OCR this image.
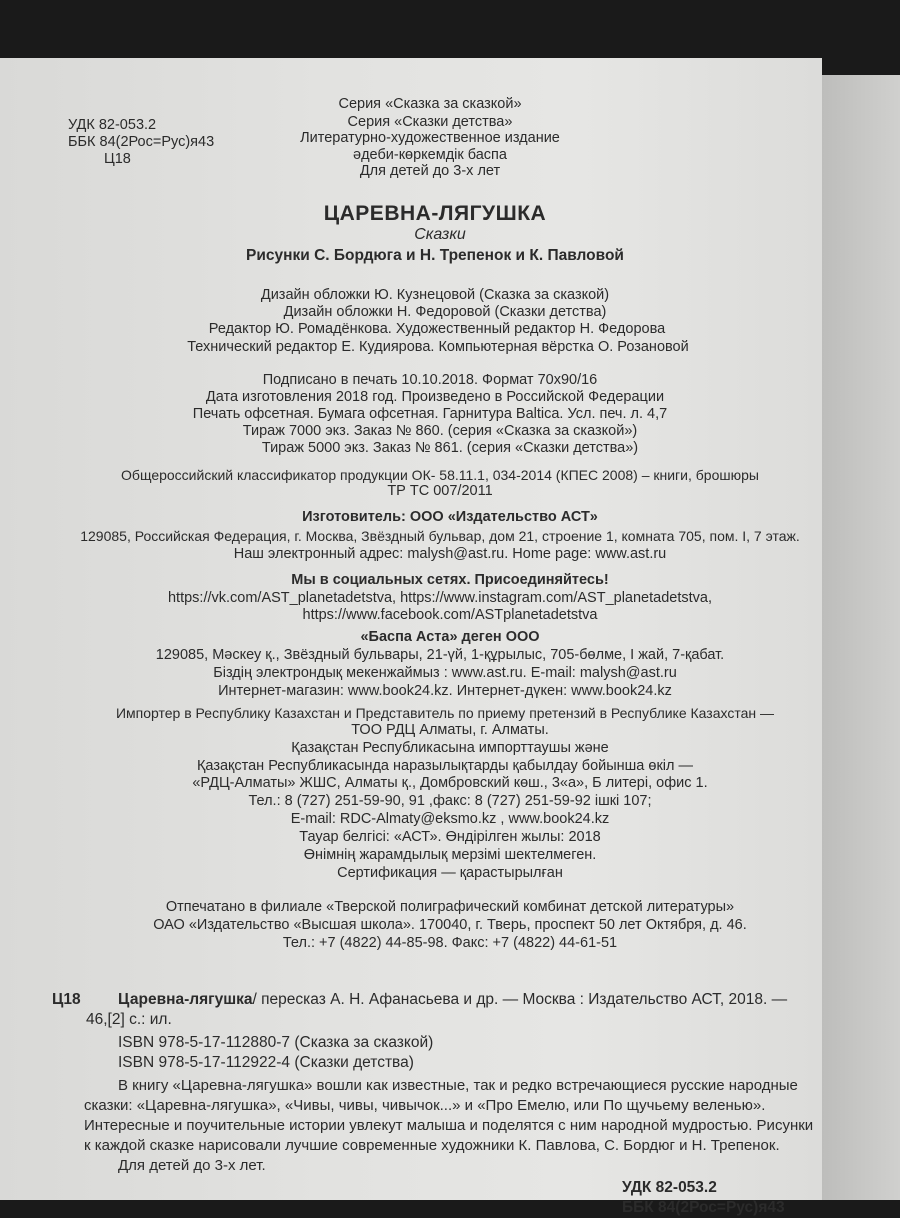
УДК 82-053.2
ББК 84(2Рос=Рус)я43
Ц18
Серия «Сказка за сказкой»
Серия «Сказки детства»
Литературно-художественное издание
әдеби-көркемдік баспа
Для детей до 3-х лет
ЦАРЕВНА-ЛЯГУШКА
Сказки
Рисунки С. Бордюга и Н. Трепенок и К. Павловой
Дизайн обложки Ю. Кузнецовой (Сказка за сказкой)
Дизайн обложки Н. Федоровой (Сказки детства)
Редактор Ю. Ромадёнкова. Художественный редактор Н. Федорова
Технический редактор Е. Кудиярова. Компьютерная вёрстка О. Розановой
Подписано в печать 10.10.2018. Формат 70x90/16
Дата изготовления 2018 год. Произведено в Российской Федерации
Печать офсетная. Бумага офсетная. Гарнитура Baltica. Усл. печ. л. 4,7
Тираж 7000 экз. Заказ № 860. (серия «Сказка за сказкой»)
Тираж 5000 экз. Заказ № 861. (серия «Сказки детства»)
Общероссийский классификатор продукции ОК- 58.11.1, 034-2014 (КПЕС 2008) – книги, брошюры
ТР ТС 007/2011
Изготовитель: ООО «Издательство АСТ»
129085, Российская Федерация, г. Москва, Звёздный бульвар, дом 21, строение 1, комната 705, пом. I, 7 этаж.
Наш электронный адрес: malysh@ast.ru. Home page: www.ast.ru
Мы в социальных сетях. Присоединяйтесь!
https://vk.com/AST_planetadetstva, https://www.instagram.com/AST_planetadetstva,
https://www.facebook.com/ASTplanetadetstva
«Баспа Аста» деген ООО
129085, Мәскеу қ., Звёздный бульвары, 21-үй, 1-құрылыс, 705-бөлме, I жай, 7-қабат.
Біздің электрондық мекенжаймыз : www.ast.ru. E-mail: malysh@ast.ru
Интернет-магазин: www.book24.kz. Интернет-дүкен: www.book24.kz
Импортер в Республику Казахстан и Представитель по приему претензий в Республике Казахстан —
ТОО РДЦ Алматы, г. Алматы.
Қазақстан Республикасына импорттаушы және
Қазақстан Республикасында наразылықтарды қабылдау бойынша өкіл —
«РДЦ-Алматы» ЖШС, Алматы қ., Домбровский көш., 3«а», Б литері, офис 1.
Тел.: 8 (727) 251-59-90, 91 ,факс: 8 (727) 251-59-92 ішкі 107;
E-mail: RDC-Almaty@eksmo.kz , www.book24.kz
Тауар белгісі: «АСТ». Өндірілген жылы: 2018
Өнімнің жарамдылық мерзімі шектелмеген.
Сертификация — қарастырылған
Отпечатано в филиале «Тверской полиграфический комбинат детской литературы»
ОАО «Издательство «Высшая школа». 170040, г. Тверь, проспект 50 лет Октября, д. 46.
Тел.: +7 (4822) 44-85-98. Факс: +7 (4822) 44-61-51
Ц18 Царевна-лягушка/ пересказ А. Н. Афанасьева и др. — Москва : Издательство АСТ, 2018. —
46,[2] с.: ил.
ISBN 978-5-17-112880-7 (Сказка за сказкой)
ISBN 978-5-17-112922-4 (Сказки детства)
В книгу «Царевна-лягушка» вошли как известные, так и редко встречающиеся русские народные
сказки: «Царевна-лягушка», «Чивы, чивы, чивычок...» и «Про Емелю, или По щучьему веленью».
Интересные и поучительные истории увлекут малыша и поделятся с ним народной мудростью. Рисунки
к каждой сказке нарисовали лучшие современные художники К. Павлова, С. Бордюг и Н. Трепенок.
Для детей до 3-х лет.
УДК 82-053.2
ББК 84(2Рос=Рус)я43
